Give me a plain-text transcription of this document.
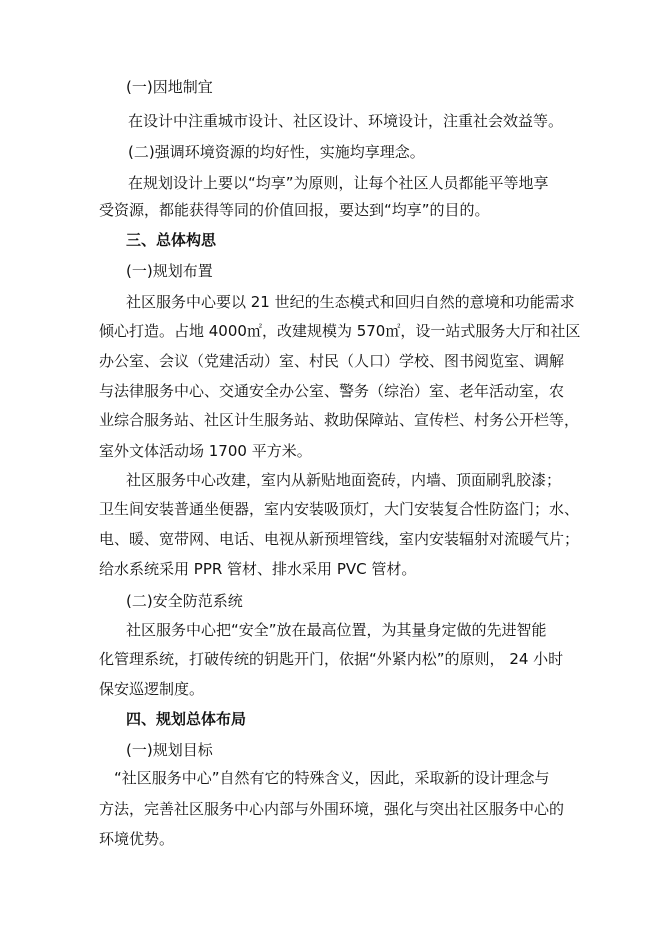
(一)因地制宜
在设计中注重城市设计、社区设计、环境设计，注重社会效益等。
(二)强调环境资源的均好性，实施均享理念。
在规划设计上要以“均享”为原则，让每个社区人员都能平等地享
受资源，都能获得等同的价值回报，要达到“均享”的目的。
三、总体构思
(一)规划布置
社区服务中心要以 21 世纪的生态模式和回归自然的意境和功能需求
倾心打造。占地 4000㎡，改建规模为 570㎡，设一站式服务大厅和社区
办公室、会议（党建活动）室、村民（人口）学校、图书阅览室、调解
与法律服务中心、交通安全办公室、警务（综治）室、老年活动室，农
业综合服务站、社区计生服务站、救助保障站、宣传栏、村务公开栏等，
室外文体活动场 1700 平方米。
社区服务中心改建，室内从新贴地面瓷砖，内墙、顶面刷乳胶漆；
卫生间安装普通坐便器，室内安装吸顶灯，大门安装复合性防盗门；水、
电、暖、宽带网、电话、电视从新预埋管线，室内安装辐射对流暖气片；
给水系统采用 PPR 管材、排水采用 PVC 管材。
(二)安全防范系统
社区服务中心把“安全”放在最高位置，为其量身定做的先进智能
化管理系统，打破传统的钥匙开门，依据“外紧内松”的原则， 24 小时
保安巡逻制度。
四、规划总体布局
(一)规划目标
“社区服务中心”自然有它的特殊含义，因此，采取新的设计理念与
方法，完善社区服务中心内部与外围环境，强化与突出社区服务中心的
环境优势。
